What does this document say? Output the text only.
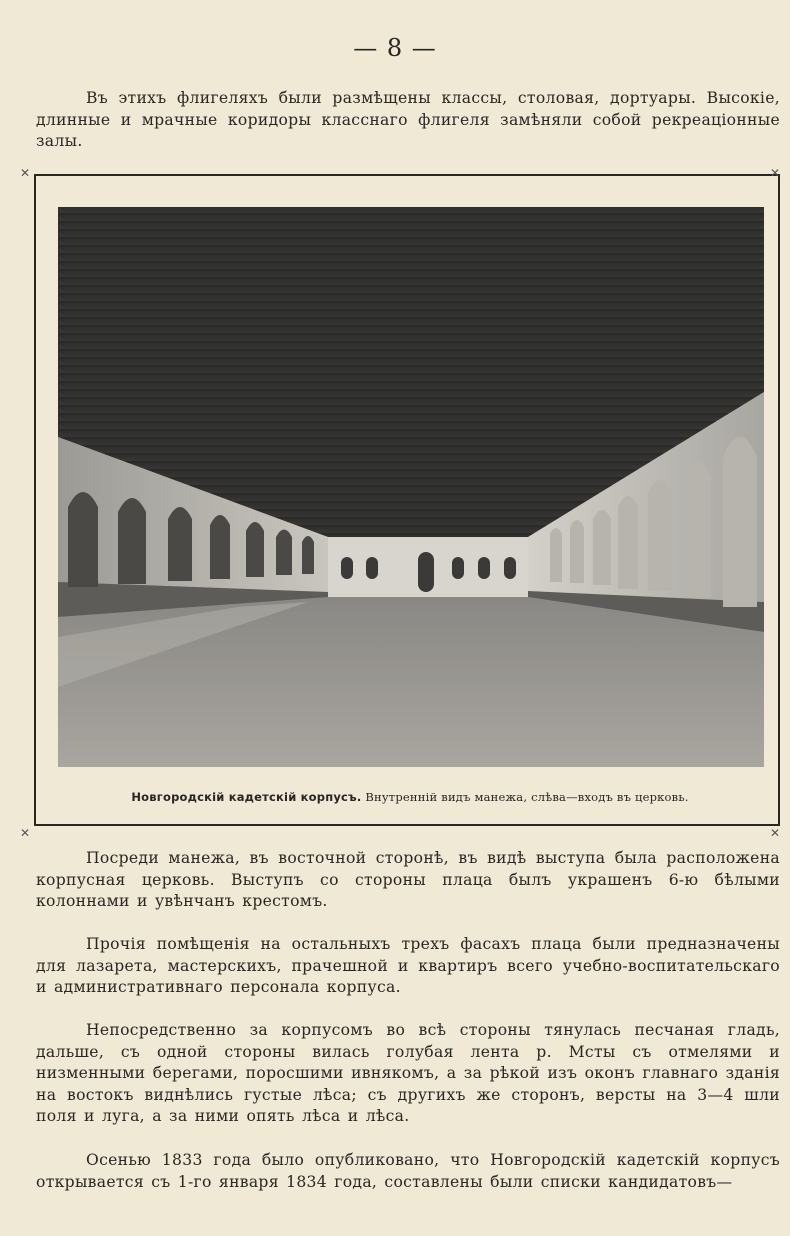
— 8 —
Въ этихъ флигеляхъ были размѣщены классы, столовая, дортуары. Высокіе, длинные и мрачные коридоры класснаго флигеля замѣняли собой рекреаціонные залы.
✕	✕
✕	✕
Новгородскій кадетскій корпусъ. Внутренній видъ манежа, слѣва—входъ въ церковь.
Посреди манежа, въ восточной сторонѣ, въ видѣ выступа была расположена корпусная церковь. Выступъ со стороны плаца былъ украшенъ 6-ю бѣлыми колоннами и увѣнчанъ крестомъ.
Прочія помѣщенія на остальныхъ трехъ фасахъ плаца были предназначены для лазарета, мастерскихъ, прачешной и квартиръ всего учебно-воспитательскаго и административнаго персонала корпуса.
Непосредственно за корпусомъ во всѣ стороны тянулась песчаная гладь, дальше, съ одной стороны вилась голубая лента р. Мсты съ отмелями и низменными берегами, поросшими ивнякомъ, а за рѣкой изъ оконъ главнаго зданія на востокъ виднѣлись густые лѣса; съ другихъ же сторонъ, версты на 3—4 шли поля и луга, а за ними опять лѣса и лѣса.
Осенью 1833 года было опубликовано, что Новгородскій кадетскій корпусъ открывается съ 1-го января 1834 года, составлены были списки кандидатовъ—
